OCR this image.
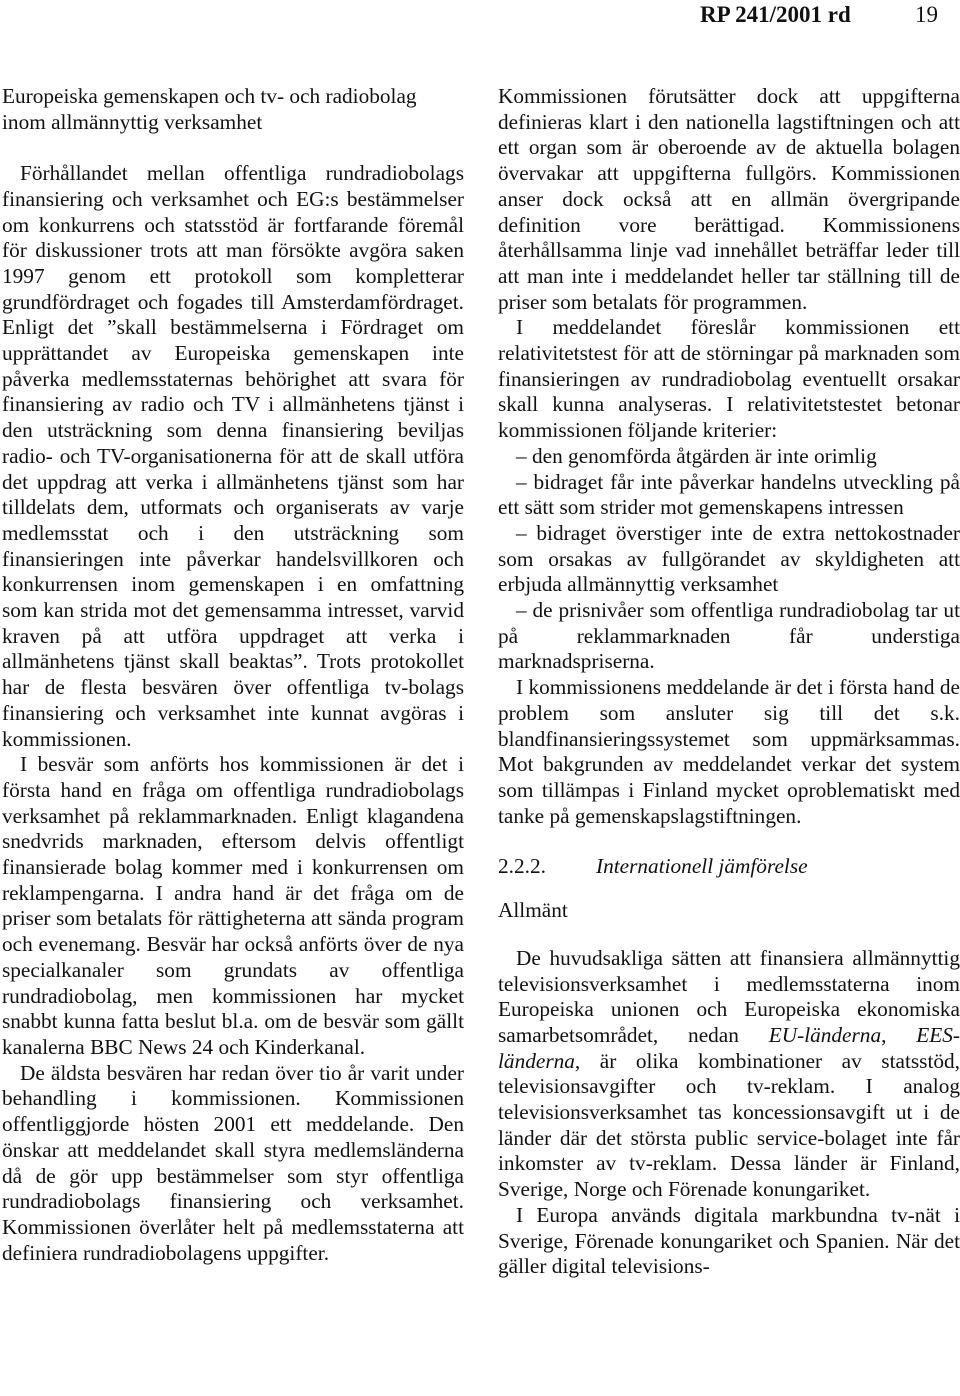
RP 241/2001 rd	19

Europeiska gemenskapen och tv- och radiobolag inom allmännyttig verksamhet

Förhållandet mellan offentliga rundradiobolags finansiering och verksamhet och EG:s bestämmelser om konkurrens och statsstöd är fortfarande föremål för diskussioner trots att man försökte avgöra saken 1997 genom ett protokoll som kompletterar grundfördraget och fogades till Amsterdamfördraget. Enligt det ”skall bestämmelserna i Fördraget om upprättandet av Europeiska gemenskapen inte påverka medlemsstaternas behörighet att svara för finansiering av radio och TV i allmänhetens tjänst i den utsträckning som denna finansiering beviljas radio- och TV-organisationerna för att de skall utföra det uppdrag att verka i allmänhetens tjänst som har tilldelats dem, utformats och organiserats av varje medlemsstat och i den utsträckning som finansieringen inte påverkar handelsvillkoren och konkurrensen inom gemenskapen i en omfattning som kan strida mot det gemensamma intresset, varvid kraven på att utföra uppdraget att verka i allmänhetens tjänst skall beaktas”. Trots protokollet har de flesta besvären över offentliga tv-bolags finansiering och verksamhet inte kunnat avgöras i kommissionen.

I besvär som anförts hos kommissionen är det i första hand en fråga om offentliga rundradiobolags verksamhet på reklammarknaden. Enligt klagandena snedvrids marknaden, eftersom delvis offentligt finansierade bolag kommer med i konkurrensen om reklampengarna. I andra hand är det fråga om de priser som betalats för rättigheterna att sända program och evenemang. Besvär har också anförts över de nya specialkanaler som grundats av offentliga rundradiobolag, men kommissionen har mycket snabbt kunna fatta beslut bl.a. om de besvär som gällt kanalerna BBC News 24 och Kinderkanal.

De äldsta besvären har redan över tio år varit under behandling i kommissionen. Kommissionen offentliggjorde hösten 2001 ett meddelande. Den önskar att meddelandet skall styra medlemsländerna då de gör upp bestämmelser som styr offentliga rundradiobolags finansiering och verksamhet. Kommissionen överlåter helt på medlemsstaterna att definiera rundradiobolagens uppgifter.

Kommissionen förutsätter dock att uppgifterna definieras klart i den nationella lagstiftningen och att ett organ som är oberoende av de aktuella bolagen övervakar att uppgifterna fullgörs. Kommissionen anser dock också att en allmän övergripande definition vore berättigad. Kommissionens återhållsamma linje vad innehållet beträffar leder till att man inte i meddelandet heller tar ställning till de priser som betalats för programmen.

I meddelandet föreslår kommissionen ett relativitetstest för att de störningar på marknaden som finansieringen av rundradiobolag eventuellt orsakar skall kunna analyseras. I relativitetstestet betonar kommissionen följande kriterier:

– den genomförda åtgärden är inte orimlig

– bidraget får inte påverkar handelns utveckling på ett sätt som strider mot gemenskapens intressen

– bidraget överstiger inte de extra nettokostnader som orsakas av fullgörandet av skyldigheten att erbjuda allmännyttig verksamhet

– de prisnivåer som offentliga rundradiobolag tar ut på reklammarknaden får understiga marknadspriserna.

I kommissionens meddelande är det i första hand de problem som ansluter sig till det s.k. blandfinansieringssystemet som uppmärksammas. Mot bakgrunden av meddelandet verkar det system som tillämpas i Finland mycket oproblematiskt med tanke på gemenskapslagstiftningen.

2.2.2. Internationell jämförelse

Allmänt

De huvudsakliga sätten att finansiera allmännyttig televisionsverksamhet i medlemsstaterna inom Europeiska unionen och Europeiska ekonomiska samarbetsområdet, nedan EU-länderna, EES-länderna, är olika kombinationer av statsstöd, televisionsavgifter och tv-reklam. I analog televisionsverksamhet tas koncessionsavgift ut i de länder där det största public service-bolaget inte får inkomster av tv-reklam. Dessa länder är Finland, Sverige, Norge och Förenade konungariket.

I Europa används digitala markbundna tv-nät i Sverige, Förenade konungariket och Spanien. När det gäller digital televisions-
